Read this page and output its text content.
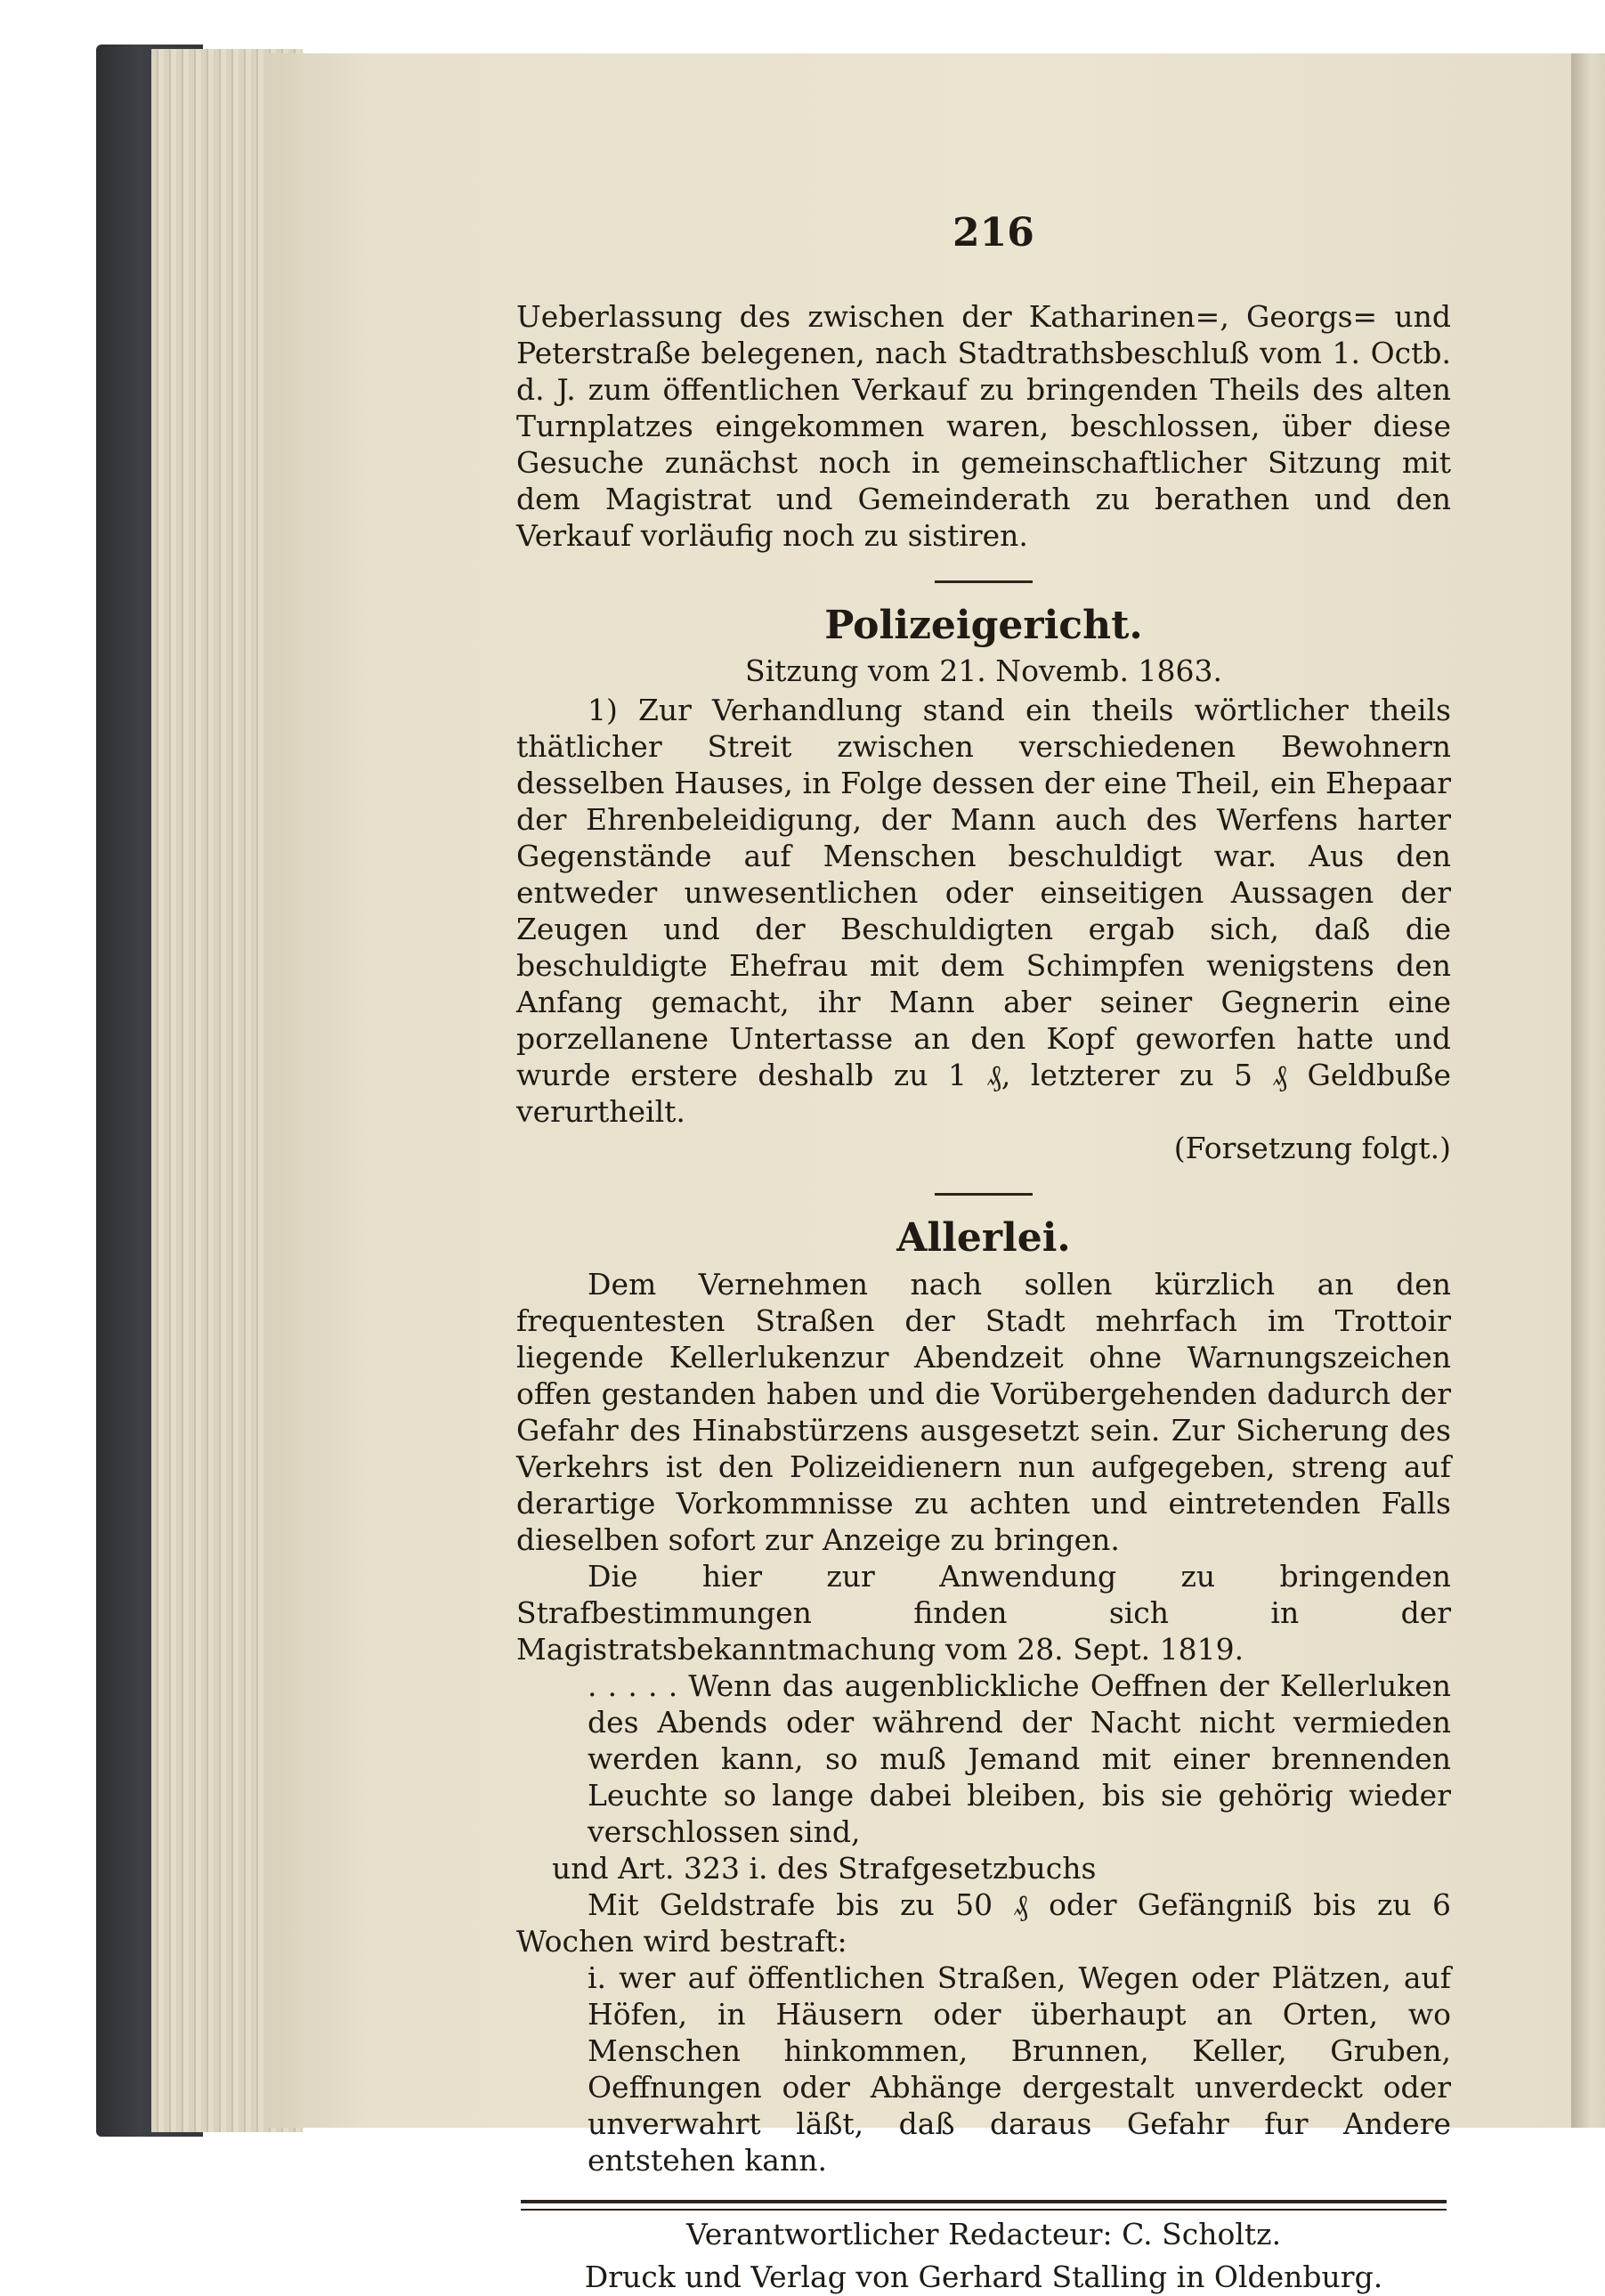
216

Ueberlassung des zwischen der Katharinen=, Georgs= und Peterstraße belegenen, nach Stadtrathsbeschluß vom 1. Octb. d. J. zum öffentlichen Verkauf zu bringenden Theils des alten Turnplatzes eingekommen waren, beschlossen, über diese Gesuche zunächst noch in gemeinschaftlicher Sitzung mit dem Magistrat und Gemeinderath zu berathen und den Verkauf vorläufig noch zu sistiren.

Polizeigericht.
Sitzung vom 21. Novemb. 1863.

1) Zur Verhandlung stand ein theils wörtlicher theils thätlicher Streit zwischen verschiedenen Bewohnern desselben Hauses, in Folge dessen der eine Theil, ein Ehepaar der Ehrenbeleidigung, der Mann auch des Werfens harter Gegenstände auf Menschen beschuldigt war. Aus den entweder unwesentlichen oder einseitigen Aussagen der Zeugen und der Beschuldigten ergab sich, daß die beschuldigte Ehefrau mit dem Schimpfen wenigstens den Anfang gemacht, ihr Mann aber seiner Gegnerin eine porzellanene Untertasse an den Kopf geworfen hatte und wurde erstere deshalb zu 1 ₰, letzterer zu 5 ₰ Geldbuße verurtheilt.

(Forsetzung folgt.)

Allerlei.

Dem Vernehmen nach sollen kürzlich an den frequentesten Straßen der Stadt mehrfach im Trottoir liegende Kellerlukenzur Abendzeit ohne Warnungszeichen offen gestanden haben und die Vorübergehenden dadurch der Gefahr des Hinabstürzens ausgesetzt sein. Zur Sicherung des Verkehrs ist den Polizeidienern nun aufgegeben, streng auf derartige Vorkommnisse zu achten und eintretenden Falls dieselben sofort zur Anzeige zu bringen.

Die hier zur Anwendung zu bringenden Strafbestimmungen finden sich in der Magistratsbekanntmachung vom 28. Sept. 1819.

. . . . . Wenn das augenblickliche Oeffnen der Kellerluken des Abends oder während der Nacht nicht vermieden werden kann, so muß Jemand mit einer brennenden Leuchte so lange dabei bleiben, bis sie gehörig wieder verschlossen sind,

und Art. 323 i. des Strafgesetzbuchs

Mit Geldstrafe bis zu 50 ₰ oder Gefängniß bis zu 6 Wochen wird bestraft:

i. wer auf öffentlichen Straßen, Wegen oder Plätzen, auf Höfen, in Häusern oder überhaupt an Orten, wo Menschen hinkommen, Brunnen, Keller, Gruben, Oeffnungen oder Abhänge dergestalt unverdeckt oder unverwahrt läßt, daß daraus Gefahr fur Andere entstehen kann.

Verantwortlicher Redacteur: C. Scholtz.
Druck und Verlag von Gerhard Stalling in Oldenburg.
